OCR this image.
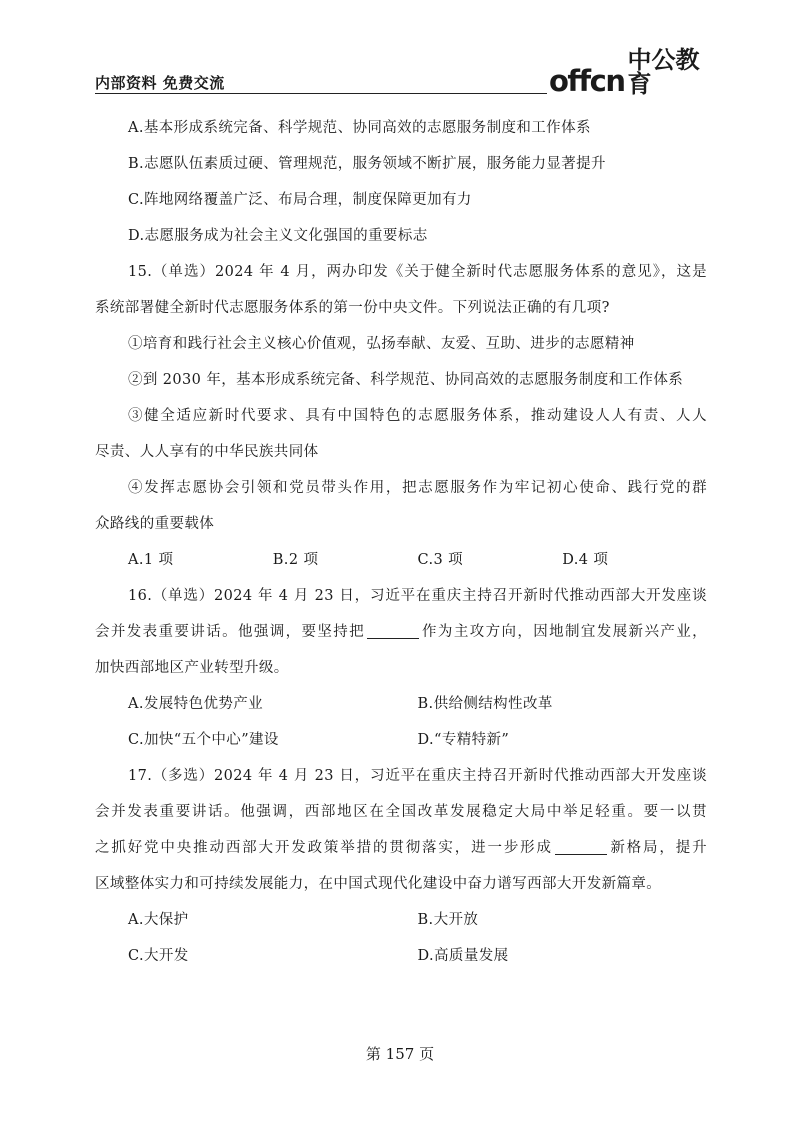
内部资料 免费交流	offcn
中公教育
A.基本形成系统完备、科学规范、协同高效的志愿服务制度和工作体系
B.志愿队伍素质过硬、管理规范，服务领域不断扩展，服务能力显著提升
C.阵地网络覆盖广泛、布局合理，制度保障更加有力
D.志愿服务成为社会主义文化强国的重要标志
15.（单选）2024 年 4 月，两办印发《关于健全新时代志愿服务体系的意见》，这是
系统部署健全新时代志愿服务体系的第一份中央文件。下列说法正确的有几项?
①培育和践行社会主义核心价值观，弘扬奉献、友爱、互助、进步的志愿精神
②到 2030 年，基本形成系统完备、科学规范、协同高效的志愿服务制度和工作体系
③健全适应新时代要求、具有中国特色的志愿服务体系，推动建设人人有责、人人
尽责、人人享有的中华民族共同体
④发挥志愿协会引领和党员带头作用，把志愿服务作为牢记初心使命、践行党的群
众路线的重要载体
A.1 项	B.2 项	C.3 项	D.4 项
16.（单选）2024 年 4 月 23 日，习近平在重庆主持召开新时代推动西部大开发座谈
会并发表重要讲话。他强调，要坚持把	作为主攻方向，因地制宜发展新兴产业，
加快西部地区产业转型升级。
A.发展特色优势产业	B.供给侧结构性改革
C.加快“五个中心”建设	D.“专精特新”
17.（多选）2024 年 4 月 23 日，习近平在重庆主持召开新时代推动西部大开发座谈
会并发表重要讲话。他强调，西部地区在全国改革发展稳定大局中举足轻重。要一以贯
之抓好党中央推动西部大开发政策举措的贯彻落实，进一步形成	新格局，提升
区域整体实力和可持续发展能力，在中国式现代化建设中奋力谱写西部大开发新篇章。
A.大保护	B.大开放
C.大开发	D.高质量发展
第 157 页
